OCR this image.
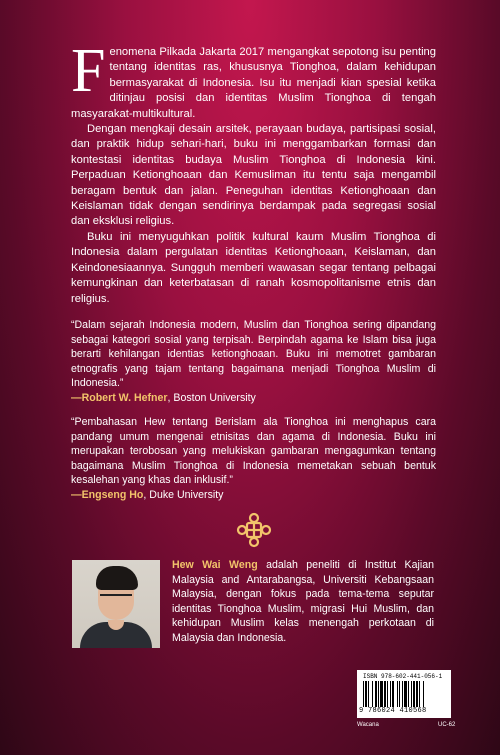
Fenomena Pilkada Jakarta 2017 mengangkat sepotong isu penting tentang identitas ras, khususnya Tionghoa, dalam kehidupan bermasyarakat di Indonesia. Isu itu menjadi kian spesial ketika ditinjau posisi dan identitas Muslim Tionghoa di tengah masyarakat-multikultural.

Dengan mengkaji desain arsitek, perayaan budaya, partisipasi sosial, dan praktik hidup sehari-hari, buku ini menggambarkan formasi dan kontestasi identitas budaya Muslim Tionghoa di Indonesia kini. Perpaduan Ketionghoaan dan Kemusliman itu tentu saja mengambil beragam bentuk dan jalan. Peneguhan identitas Ketionghoaan dan Keislaman tidak dengan sendirinya berdampak pada segregasi sosial dan eksklusi religius.

Buku ini menyuguhkan politik kultural kaum Muslim Tionghoa di Indonesia dalam pergulatan identitas Ketionghoaan, Keislaman, dan Keindonesiaannya. Sungguh memberi wawasan segar tentang pelbagai kemungkinan dan keterbatasan di ranah kosmopolitanisme etnis dan religius.

“Dalam sejarah Indonesia modern, Muslim dan Tionghoa sering dipandang sebagai kategori sosial yang terpisah. Berpindah agama ke Islam bisa juga berarti kehilangan identias ketionghoaan. Buku ini memotret gambaran etnografis yang tajam tentang bagaimana menjadi Tionghoa Muslim di Indonesia.”

—Robert W. Hefner, Boston University

“Pembahasan Hew tentang Berislam ala Tionghoa ini menghapus cara pandang umum mengenai etnisitas dan agama di Indonesia. Buku ini merupakan terobosan yang melukiskan gambaran mengagumkan tentang bagaimana Muslim Tionghoa di Indonesia memetakan sebuah bentuk kesalehan yang khas dan inklusif.”

—Engseng Ho, Duke University

Hew Wai Weng adalah peneliti di Institut Kajian Malaysia and Antarabangsa, Universiti Kebangsaan Malaysia, dengan fokus pada tema-tema seputar identitas Tionghoa Muslim, migrasi Hui Muslim, dan kehidupan Muslim kelas menengah perkotaan di Malaysia dan Indonesia.

ISBN 978-602-441-056-1
9 786024 410568
Wacana	UC-62
